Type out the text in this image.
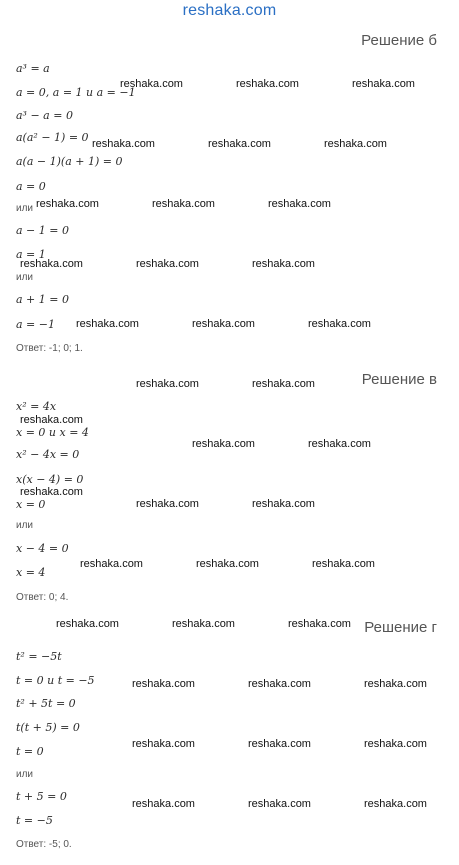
reshaka.com
Решение б
a³ = a
a = 0, a = 1 и a = −1
a³ − a = 0
a(a² − 1) = 0
a(a − 1)(a + 1) = 0
a = 0
или
a − 1 = 0
a = 1
или
a + 1 = 0
a = −1
Ответ: -1; 0; 1.
Решение в
x² = 4x
x = 0 и x = 4
x² − 4x = 0
x(x − 4) = 0
x = 0
или
x − 4 = 0
x = 4
Ответ: 0; 4.
Решение г
t² = −5t
t = 0 и t = −5
t² + 5t = 0
t(t + 5) = 0
t = 0
или
t + 5 = 0
t = −5
Ответ: -5; 0.
reshaka.com	reshaka.com	reshaka.com
reshaka.com	reshaka.com	reshaka.com
reshaka.com	reshaka.com	reshaka.com
reshaka.com	reshaka.com	reshaka.com
reshaka.com	reshaka.com	reshaka.com
reshaka.com	reshaka.com
reshaka.com
reshaka.com	reshaka.com
reshaka.com
reshaka.com	reshaka.com
reshaka.com	reshaka.com	reshaka.com
reshaka.com	reshaka.com	reshaka.com
reshaka.com	reshaka.com	reshaka.com
reshaka.com	reshaka.com	reshaka.com
reshaka.com	reshaka.com	reshaka.com
